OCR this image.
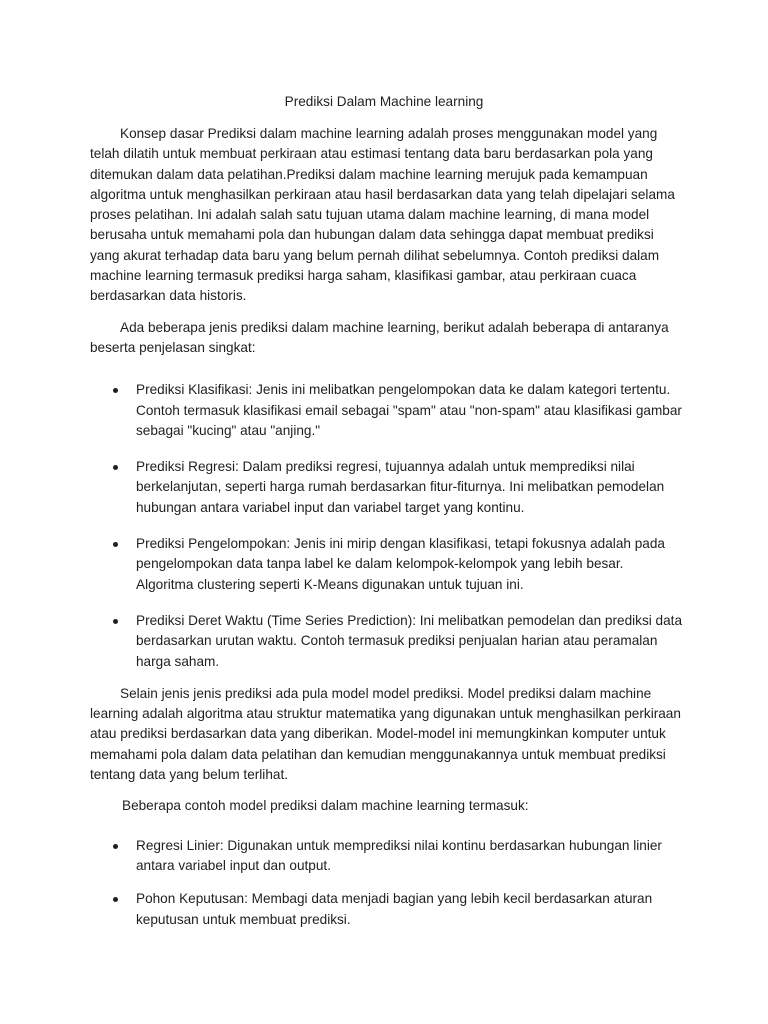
Prediksi Dalam Machine learning

Konsep dasar Prediksi dalam machine learning adalah proses menggunakan model yang telah dilatih untuk membuat perkiraan atau estimasi tentang data baru berdasarkan pola yang ditemukan dalam data pelatihan.Prediksi dalam machine learning merujuk pada kemampuan algoritma untuk menghasilkan perkiraan atau hasil berdasarkan data yang telah dipelajari selama proses pelatihan. Ini adalah salah satu tujuan utama dalam machine learning, di mana model berusaha untuk memahami pola dan hubungan dalam data sehingga dapat membuat prediksi yang akurat terhadap data baru yang belum pernah dilihat sebelumnya. Contoh prediksi dalam machine learning termasuk prediksi harga saham, klasifikasi gambar, atau perkiraan cuaca berdasarkan data historis.

Ada beberapa jenis prediksi dalam machine learning, berikut adalah beberapa di antaranya beserta penjelasan singkat:

Prediksi Klasifikasi: Jenis ini melibatkan pengelompokan data ke dalam kategori tertentu. Contoh termasuk klasifikasi email sebagai "spam" atau "non-spam" atau klasifikasi gambar sebagai "kucing" atau "anjing."
Prediksi Regresi: Dalam prediksi regresi, tujuannya adalah untuk memprediksi nilai berkelanjutan, seperti harga rumah berdasarkan fitur-fiturnya. Ini melibatkan pemodelan hubungan antara variabel input dan variabel target yang kontinu.
Prediksi Pengelompokan: Jenis ini mirip dengan klasifikasi, tetapi fokusnya adalah pada pengelompokan data tanpa label ke dalam kelompok-kelompok yang lebih besar. Algoritma clustering seperti K-Means digunakan untuk tujuan ini.
Prediksi Deret Waktu (Time Series Prediction): Ini melibatkan pemodelan dan prediksi data berdasarkan urutan waktu. Contoh termasuk prediksi penjualan harian atau peramalan harga saham.

Selain jenis jenis prediksi ada pula model model prediksi. Model prediksi dalam machine learning adalah algoritma atau struktur matematika yang digunakan untuk menghasilkan perkiraan atau prediksi berdasarkan data yang diberikan. Model-model ini memungkinkan komputer untuk memahami pola dalam data pelatihan dan kemudian menggunakannya untuk membuat prediksi tentang data yang belum terlihat.

Beberapa contoh model prediksi dalam machine learning termasuk:

Regresi Linier: Digunakan untuk memprediksi nilai kontinu berdasarkan hubungan linier antara variabel input dan output.
Pohon Keputusan: Membagi data menjadi bagian yang lebih kecil berdasarkan aturan keputusan untuk membuat prediksi.
